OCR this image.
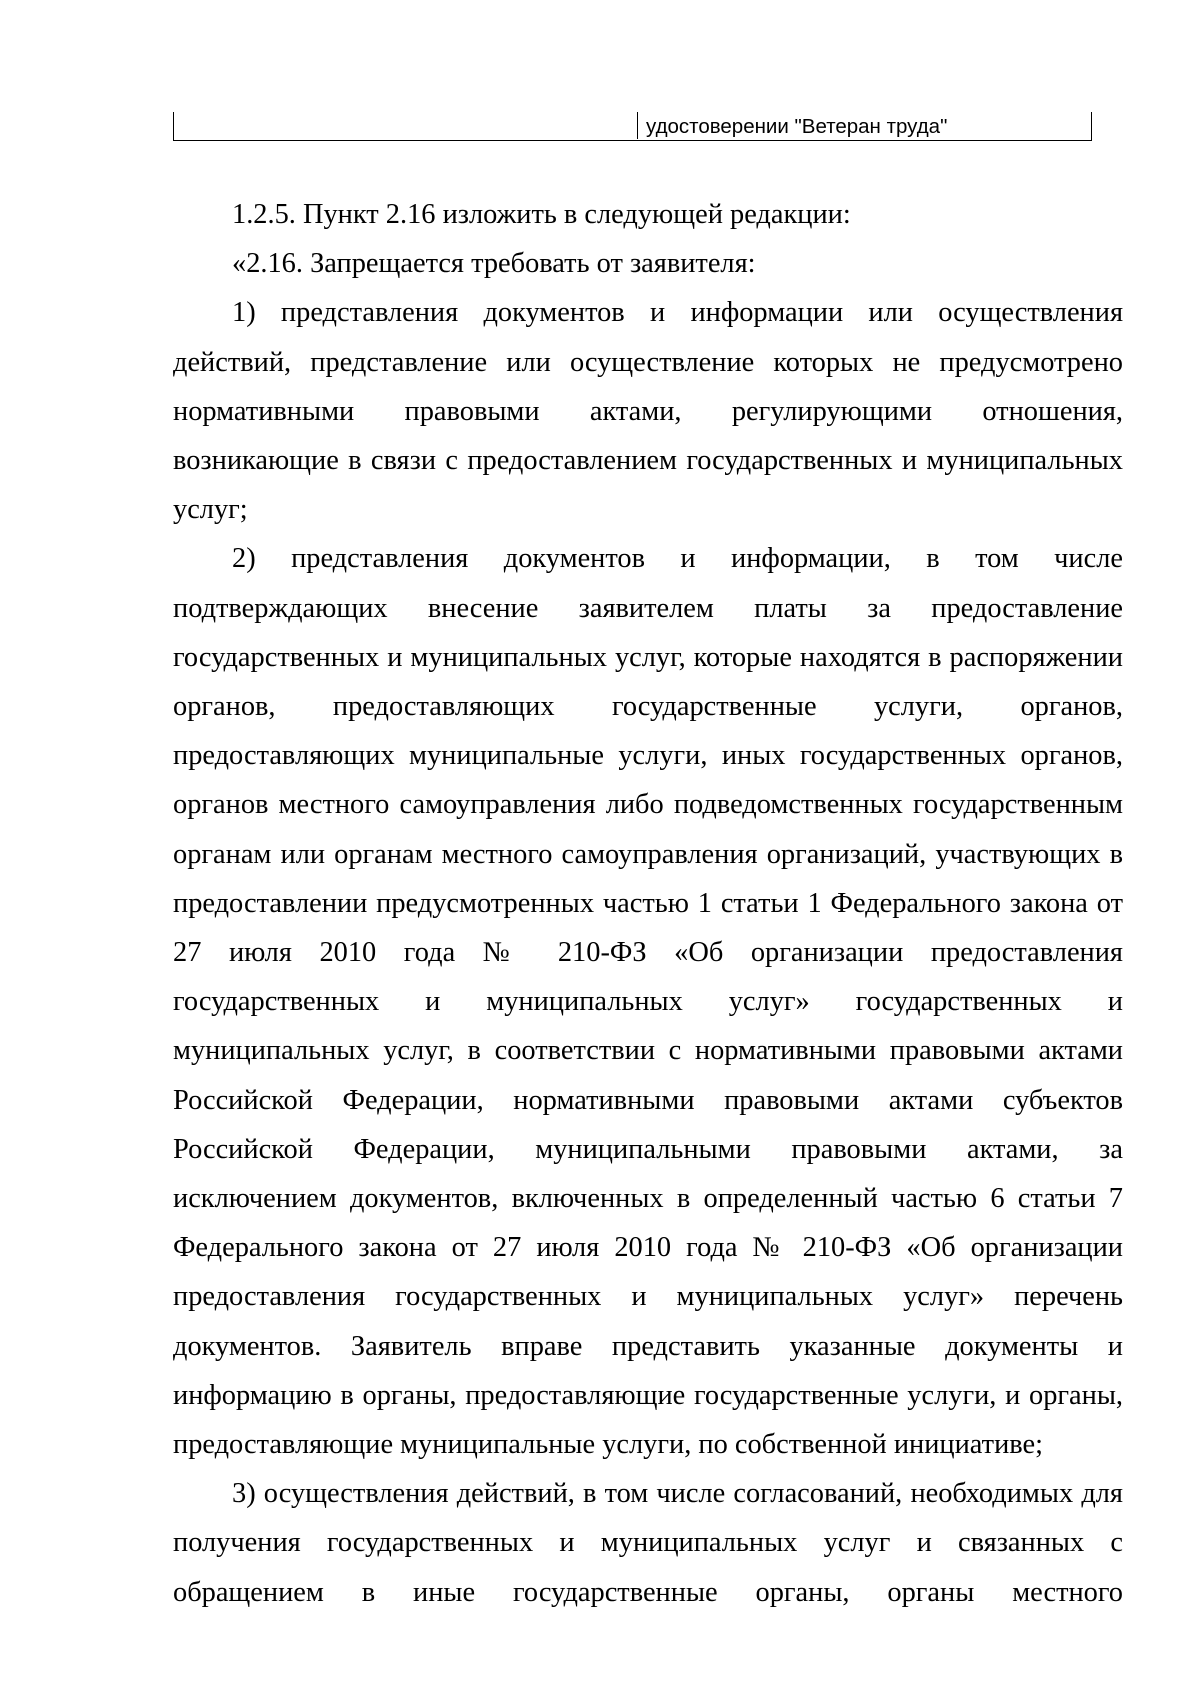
удостоверении "Ветеран труда"

1.2.5. Пункт 2.16 изложить в следующей редакции:

«2.16. Запрещается требовать от заявителя:

1) представления документов и информации или осуществления действий, представление или осуществление которых не предусмотрено нормативными правовыми актами, регулирующими отношения, возникающие в связи с предоставлением государственных и муниципальных услуг;

2) представления документов и информации, в том числе подтверждающих внесение заявителем платы за предоставление государственных и муниципальных услуг, которые находятся в распоряжении органов, предоставляющих государственные услуги, органов, предоставляющих муниципальные услуги, иных государственных органов, органов местного самоуправления либо подведомственных государственным органам или органам местного самоуправления организаций, участвующих в предоставлении предусмотренных частью 1 статьи 1 Федерального закона от 27 июля 2010 года № 210-ФЗ «Об организации предоставления государственных и муниципальных услуг» государственных и муниципальных услуг, в соответствии с нормативными правовыми актами Российской Федерации, нормативными правовыми актами субъектов Российской Федерации, муниципальными правовыми актами, за исключением документов, включенных в определенный частью 6 статьи 7 Федерального закона от 27 июля 2010 года № 210-ФЗ «Об организации предоставления государственных и муниципальных услуг» перечень документов. Заявитель вправе представить указанные документы и информацию в органы, предоставляющие государственные услуги, и органы, предоставляющие муниципальные услуги, по собственной инициативе;

3) осуществления действий, в том числе согласований, необходимых для получения государственных и муниципальных услуг и связанных с обращением в иные государственные органы, органы местного
